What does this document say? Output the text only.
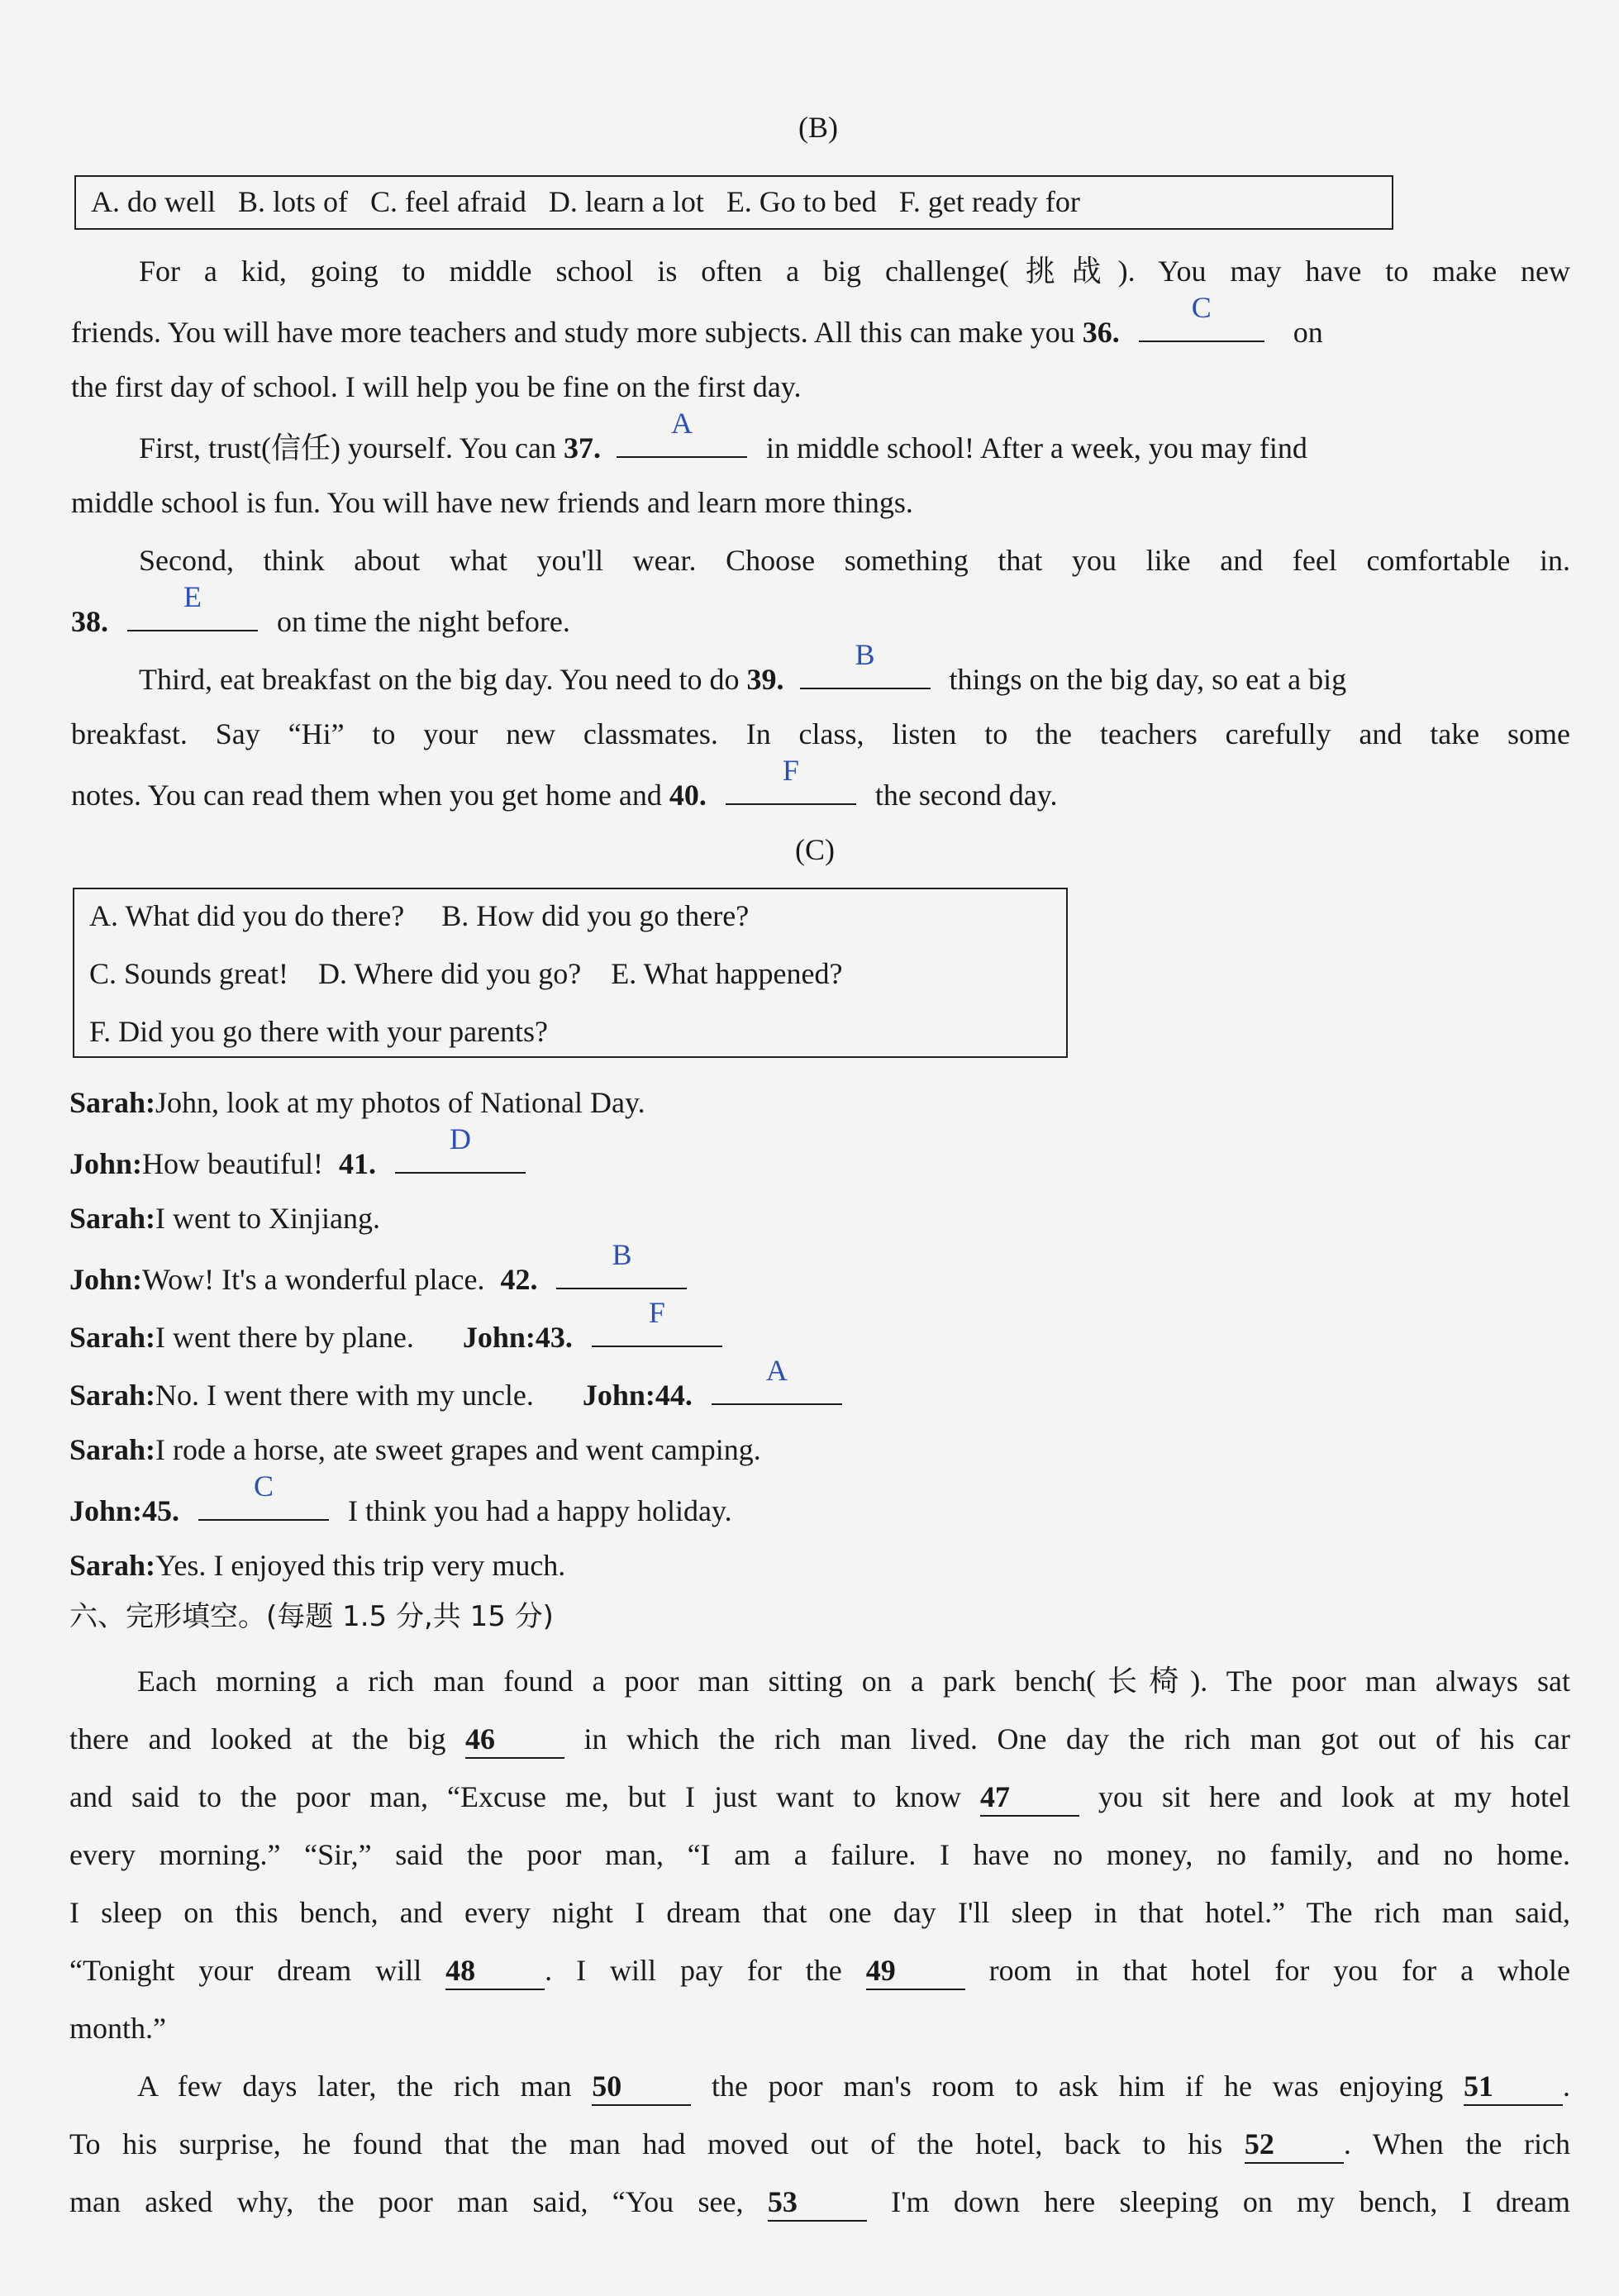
(B)
A. do well   B. lots of   C. feel afraid   D. learn a lot   E. Go to bed   F. get ready for
For a kid, going to middle school is often a big challenge(挑战). You may have to make new
friends. You will have more teachers and study more subjects. All this can make you 36.
C
on
the first day of school. I will help you be fine on the first day.
First, trust(信任) yourself. You can 37.
A
in middle school! After a week, you may find
middle school is fun. You will have new friends and learn more things.
Second, think about what you'll wear. Choose something that you like and feel comfortable in.
38.
E
on time the night before.
Third, eat breakfast on the big day. You need to do 39.
B
things on the big day, so eat a big
breakfast. Say “Hi” to your new classmates. In class, listen to the teachers carefully and take some
notes. You can read them when you get home and 40.
F
the second day.
(C)
A. What did you do there?     B. How did you go there?
C. Sounds great!    D. Where did you go?    E. What happened?
F. Did you go there with your parents?
Sarah:John, look at my photos of National Day.
John:How beautiful! 41.
D
Sarah:I went to Xinjiang.
John:Wow! It's a wonderful place. 42.
B
Sarah:I went there by plane. John:43.
F
Sarah:No. I went there with my uncle. John:44.
A
Sarah:I rode a horse, ate sweet grapes and went camping.
John:45.
C
I think you had a happy holiday.
Sarah:Yes. I enjoyed this trip very much.
六、完形填空。(每题 1.5 分,共 15 分)
Each morning a rich man found a poor man sitting on a park bench(长椅). The poor man always sat
there and looked at the big 46	in which the rich man lived. One day the rich man got out of his car
and said to the poor man, “Excuse me, but I just want to know 47	you sit here and look at my hotel
every morning.” “Sir,” said the poor man, “I am a failure. I have no money, no family, and no home.
I sleep on this bench, and every night I dream that one day I'll sleep in that hotel.” The rich man said,
“Tonight your dream will 48 . I will pay for the 49	room in that hotel for you for a whole
month.”
A few days later, the rich man 50	the poor man's room to ask him if he was enjoying 51 .
To his surprise, he found that the man had moved out of the hotel, back to his 52 . When the rich
man asked why, the poor man said, “You see, 53	I'm down here sleeping on my bench, I dream
